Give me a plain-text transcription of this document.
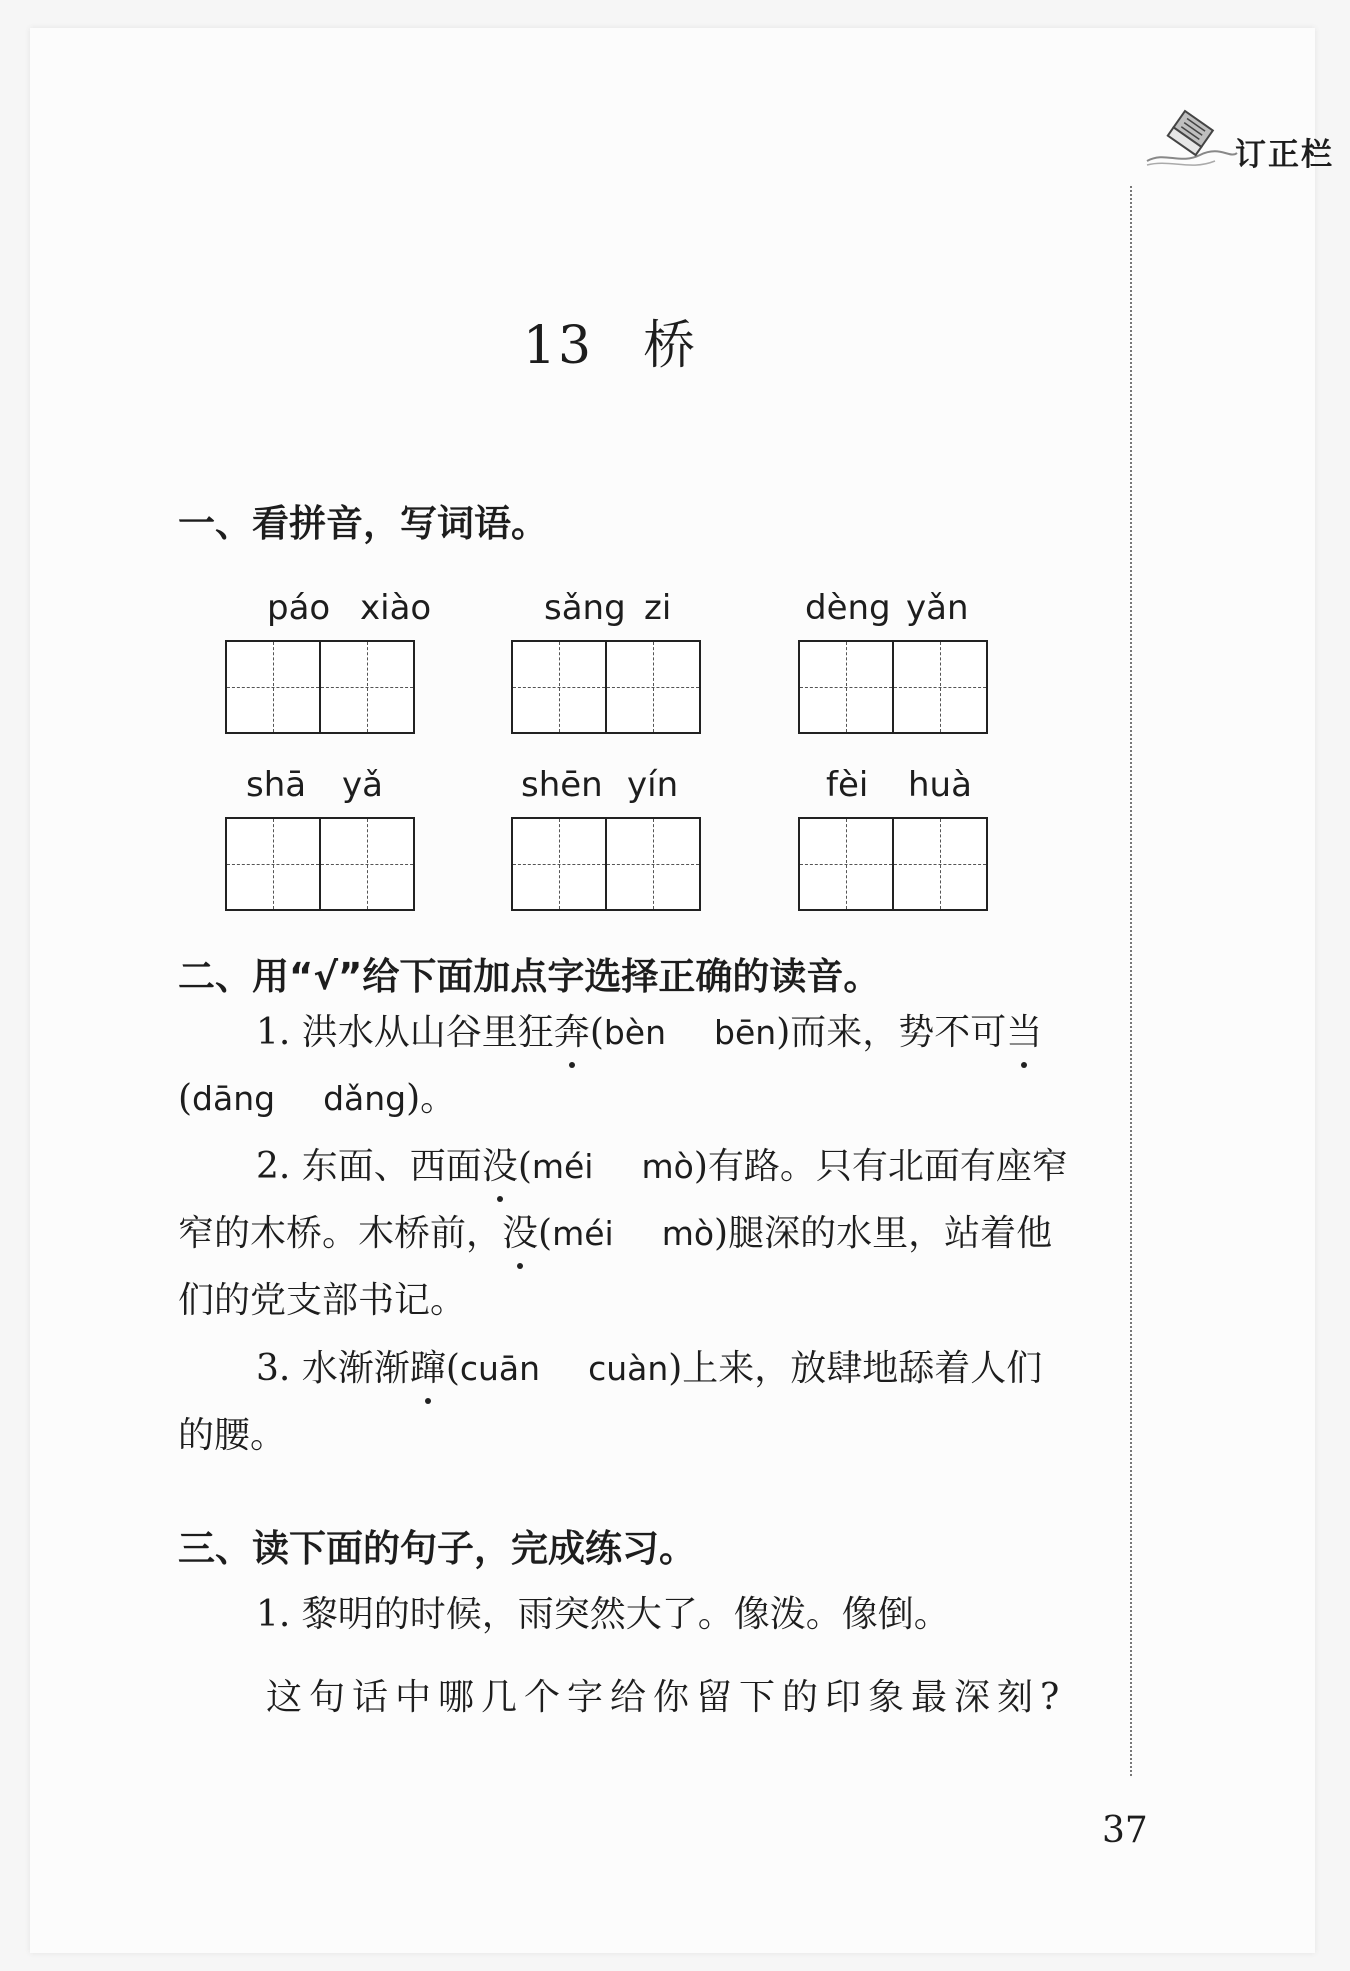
订正栏
13 桥
一、看拼音，写词语。
páo xiào	sǎng zi	dèng yǎn
shā yǎ	shēn yín	fèi huà
二、用“√”给下面加点字选择正确的读音。
1. 洪水从山谷里狂奔(bèn bēn)而来，势不可当
(dāng dǎng)。
2. 东面、西面没(méi mò)有路。只有北面有座窄
窄的木桥。木桥前，没(méi mò)腿深的水里，站着他
们的党支部书记。
3. 水渐渐蹿(cuān cuàn)上来，放肆地舔着人们
的腰。
三、读下面的句子，完成练习。
1. 黎明的时候，雨突然大了。像泼。像倒。
这句话中哪几个字给你留下的印象最深刻?
37
